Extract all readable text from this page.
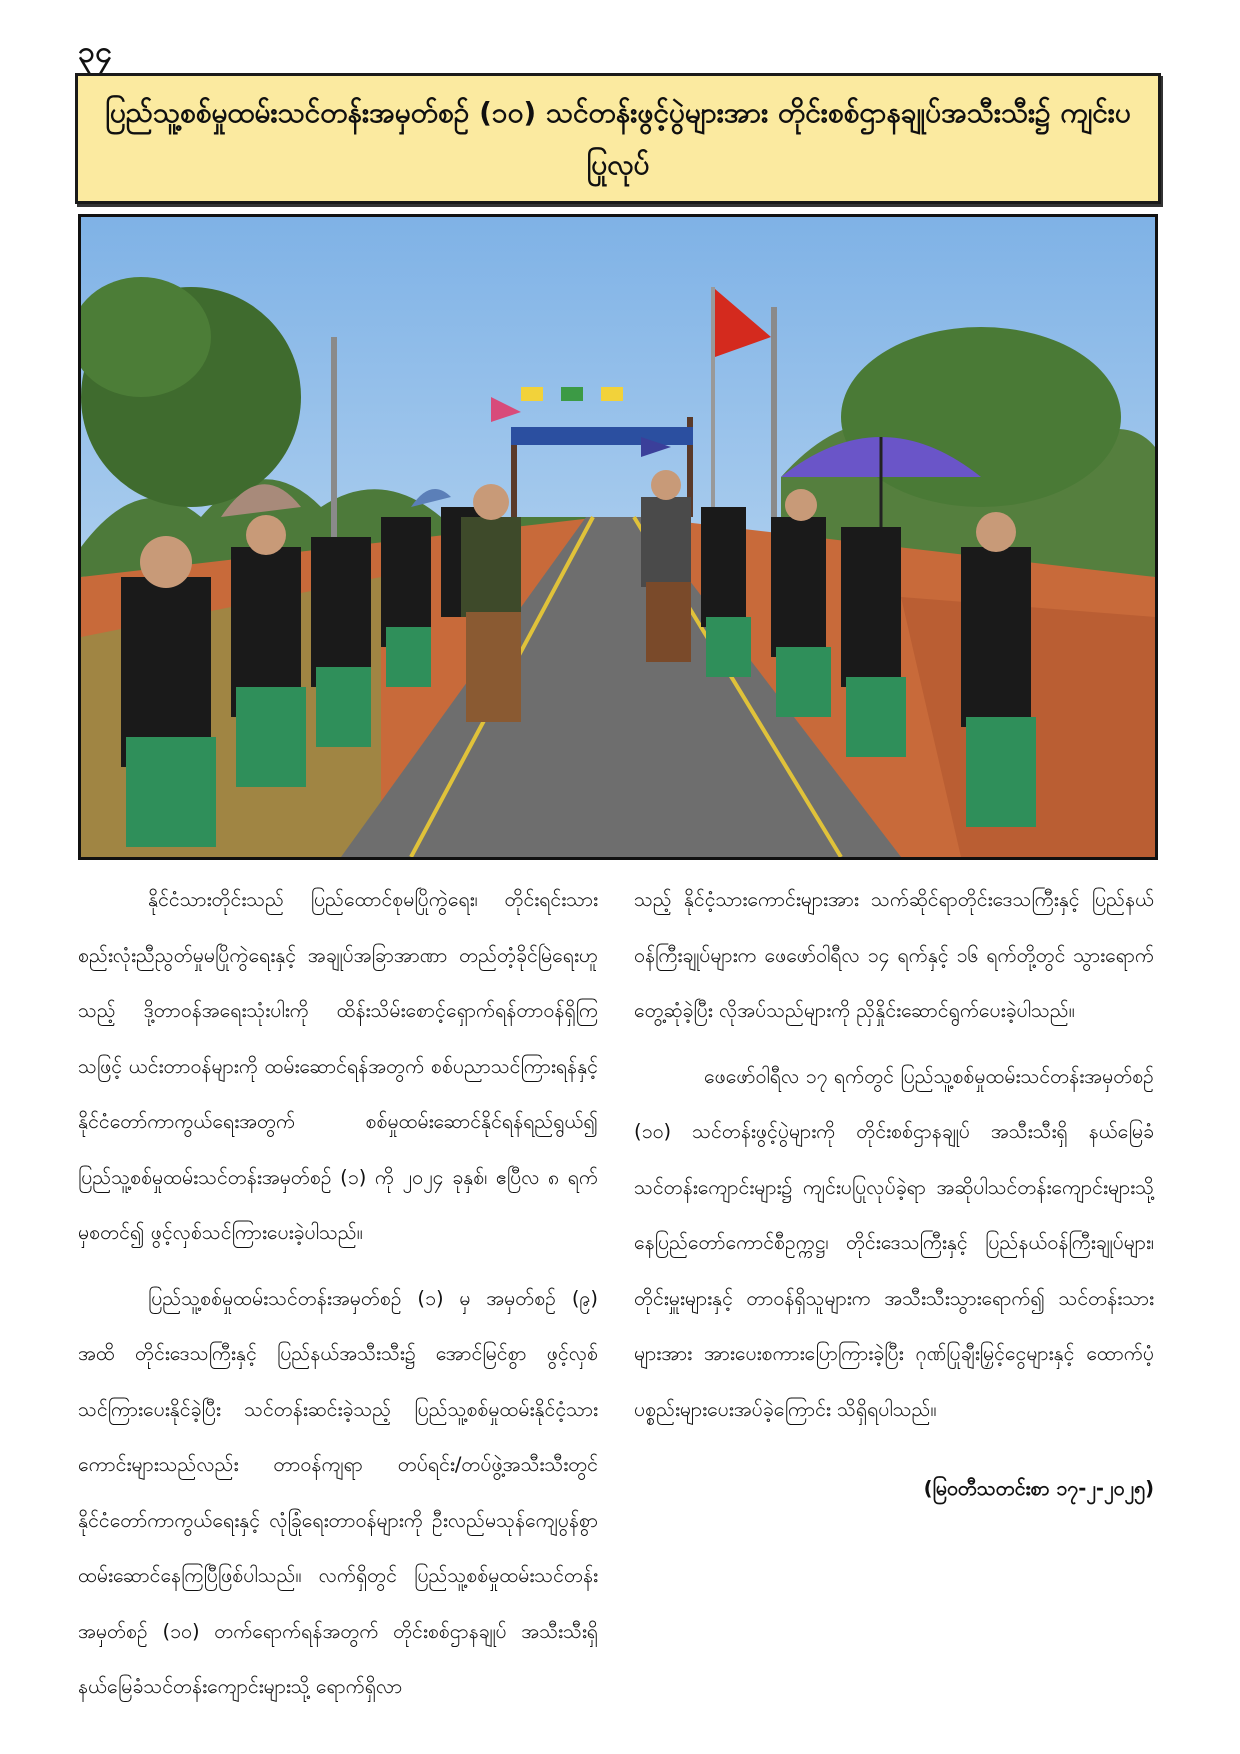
၃၄
ပြည်သူ့စစ်မှုထမ်းသင်တန်းအမှတ်စဉ် (၁၀) သင်တန်းဖွင့်ပွဲများအား တိုင်းစစ်ဌာနချုပ်အသီးသီး၌ ကျင်းပပြုလုပ်

နိုင်ငံသားတိုင်းသည် ပြည်ထောင်စုမပြိုကွဲရေး၊ တိုင်းရင်းသားစည်းလုံးညီညွတ်မှုမပြိုကွဲရေးနှင့် အချုပ်အခြာအာဏာ တည်တံ့ခိုင်မြဲရေးဟူသည့် ဒို့တာဝန်အရေးသုံးပါးကို ထိန်းသိမ်းစောင့်ရှောက်ရန်တာဝန်ရှိကြသဖြင့် ယင်းတာဝန်များကို ထမ်းဆောင်ရန်အတွက် စစ်ပညာသင်ကြားရန်နှင့် နိုင်ငံတော်ကာကွယ်ရေးအတွက် စစ်မှုထမ်းဆောင်နိုင်ရန်ရည်ရွယ်၍ ပြည်သူ့စစ်မှုထမ်းသင်တန်းအမှတ်စဉ် (၁) ကို ၂၀၂၄ ခုနှစ်၊ ဧပြီလ ၈ ရက် မှစတင်၍ ဖွင့်လှစ်သင်ကြားပေးခဲ့ပါသည်။

ပြည်သူ့စစ်မှုထမ်းသင်တန်းအမှတ်စဉ် (၁) မှ အမှတ်စဉ် (၉) အထိ တိုင်းဒေသကြီးနှင့် ပြည်နယ်အသီးသီး၌ အောင်မြင်စွာ ဖွင့်လှစ်သင်ကြားပေးနိုင်ခဲ့ပြီး သင်တန်းဆင်းခဲ့သည့် ပြည်သူ့စစ်မှုထမ်းနိုင်ငံ့သားကောင်းများသည်လည်း တာဝန်ကျရာ တပ်ရင်း/တပ်ဖွဲ့အသီးသီးတွင် နိုင်ငံတော်ကာကွယ်ရေးနှင့် လုံခြုံရေးတာဝန်များကို ဦးလည်မသုန်ကျေပွန်စွာ ထမ်းဆောင်နေကြပြီဖြစ်ပါသည်။ လက်ရှိတွင် ပြည်သူ့စစ်မှုထမ်းသင်တန်း အမှတ်စဉ် (၁၀) တက်ရောက်ရန်အတွက် တိုင်းစစ်ဌာနချုပ် အသီးသီးရှိ နယ်မြေခံသင်တန်းကျောင်းများသို့ ရောက်ရှိလာ

သည့် နိုင်ငံ့သားကောင်းများအား သက်ဆိုင်ရာတိုင်းဒေသကြီးနှင့် ပြည်နယ်ဝန်ကြီးချုပ်များက ဖေဖော်ဝါရီလ ၁၄ ရက်နှင့် ၁၆ ရက်တို့တွင် သွားရောက်တွေ့ဆုံခဲ့ပြီး လိုအပ်သည်များကို ညှိနှိုင်းဆောင်ရွက်ပေးခဲ့ပါသည်။

ဖေဖော်ဝါရီလ ၁၇ ရက်တွင် ပြည်သူ့စစ်မှုထမ်းသင်တန်းအမှတ်စဉ် (၁၀) သင်တန်းဖွင့်ပွဲများကို တိုင်းစစ်ဌာနချုပ် အသီးသီးရှိ နယ်မြေခံသင်တန်းကျောင်းများ၌ ကျင်းပပြုလုပ်ခဲ့ရာ အဆိုပါသင်တန်းကျောင်းများသို့ နေပြည်တော်ကောင်စီဥက္ကဋ္ဌ၊ တိုင်းဒေသကြီးနှင့် ပြည်နယ်ဝန်ကြီးချုပ်များ၊ တိုင်းမှူးများနှင့် တာဝန်ရှိသူများက အသီးသီးသွားရောက်၍ သင်တန်းသားများအား အားပေးစကားပြောကြားခဲ့ပြီး ဂုဏ်ပြုချီးမြှင့်ငွေများနှင့် ထောက်ပံ့ပစ္စည်းများပေးအပ်ခဲ့ကြောင်း သိရှိရပါသည်။

(မြဝတီသတင်းစာ ၁၇-၂-၂၀၂၅)
